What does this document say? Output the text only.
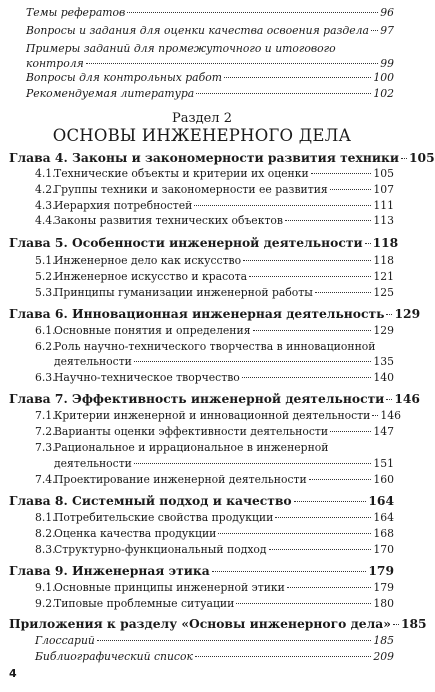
Темы рефератов	96
Вопросы и задания для оценки качества освоения раздела 97
Примеры заданий для промежуточного и итогового
контроля	99
Вопросы для контрольных работ	100
Рекомендуемая литература	102
Раздел 2
ОСНОВЫ ИНЖЕНЕРНОГО ДЕЛА
Глава 4. Законы и закономерности развития техники 105
4.1.Технические объекты и критерии их оценки	105
4.2.Группы техники и закономерности ее развития	107
4.3.Иерархия потребностей	111
4.4.Законы развития технических объектов	113
Глава 5. Особенности инженерной деятельности 118
5.1.Инженерное дело как искусство	118
5.2.Инженерное искусство и красота	121
5.3.Принципы гуманизации инженерной работы	125
Глава 6. Инновационная инженерная деятельность 129
6.1.Основные понятия и определения	129
6.2.Роль научно-технического творчества в инновационной
деятельности	135
6.3.Научно-техническое творчество	140
Глава 7. Эффективность инженерной деятельности 146
7.1.Критерии инженерной и инновационной деятельности 146
7.2.Варианты оценки эффективности деятельности	147
7.3.Рациональное и иррациональное в инженерной
деятельности	151
7.4.Проектирование инженерной деятельности	160
Глава 8. Системный подход и качество	164
8.1.Потребительские свойства продукции	164
8.2.Оценка качества продукции	168
8.3.Структурно-функциональный подход	170
Глава 9. Инженерная этика	179
9.1.Основные принципы инженерной этики	179
9.2.Типовые проблемные ситуации	180
Приложения к разделу «Основы инженерного дела» 185
Глоссарий	185
Библиографический список	209
4
